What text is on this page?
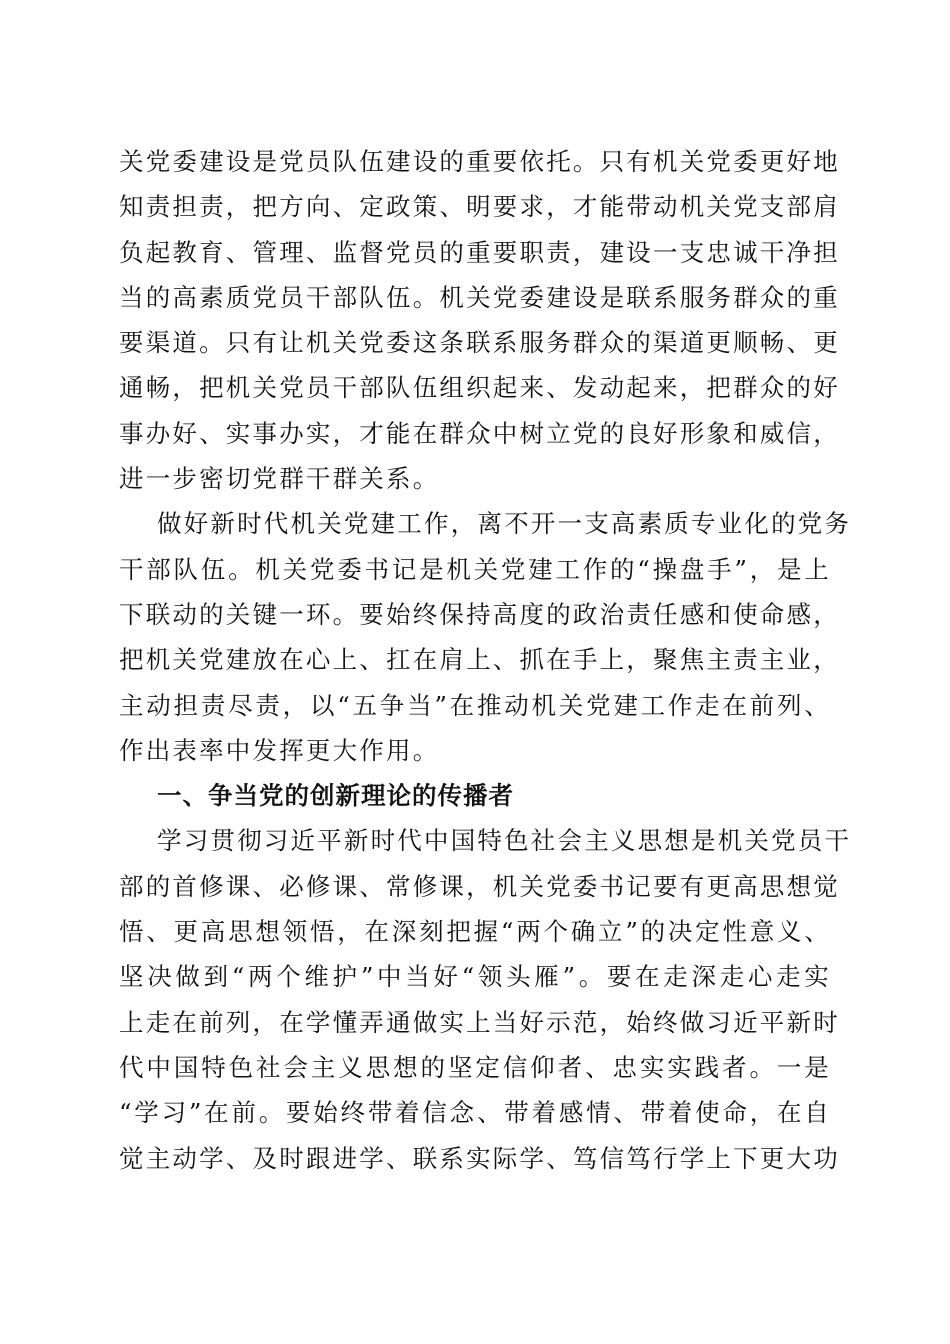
关党委建设是党员队伍建设的重要依托。只有机关党委更好地
知责担责，把方向、定政策、明要求，才能带动机关党支部肩
负起教育、管理、监督党员的重要职责，建设一支忠诚干净担
当的高素质党员干部队伍。机关党委建设是联系服务群众的重
要渠道。只有让机关党委这条联系服务群众的渠道更顺畅、更
通畅，把机关党员干部队伍组织起来、发动起来，把群众的好
事办好、实事办实，才能在群众中树立党的良好形象和威信，
进一步密切党群干群关系。
做好新时代机关党建工作，离不开一支高素质专业化的党务
干部队伍。机关党委书记是机关党建工作的“操盘手”，是上
下联动的关键一环。要始终保持高度的政治责任感和使命感，
把机关党建放在心上、扛在肩上、抓在手上，聚焦主责主业，
主动担责尽责，以“五争当”在推动机关党建工作走在前列、
作出表率中发挥更大作用。
一、争当党的创新理论的传播者
学习贯彻习近平新时代中国特色社会主义思想是机关党员干
部的首修课、必修课、常修课，机关党委书记要有更高思想觉
悟、更高思想领悟，在深刻把握“两个确立”的决定性意义、
坚决做到“两个维护”中当好“领头雁”。要在走深走心走实
上走在前列，在学懂弄通做实上当好示范，始终做习近平新时
代中国特色社会主义思想的坚定信仰者、忠实实践者。一是
“学习”在前。要始终带着信念、带着感情、带着使命，在自
觉主动学、及时跟进学、联系实际学、笃信笃行学上下更大功
